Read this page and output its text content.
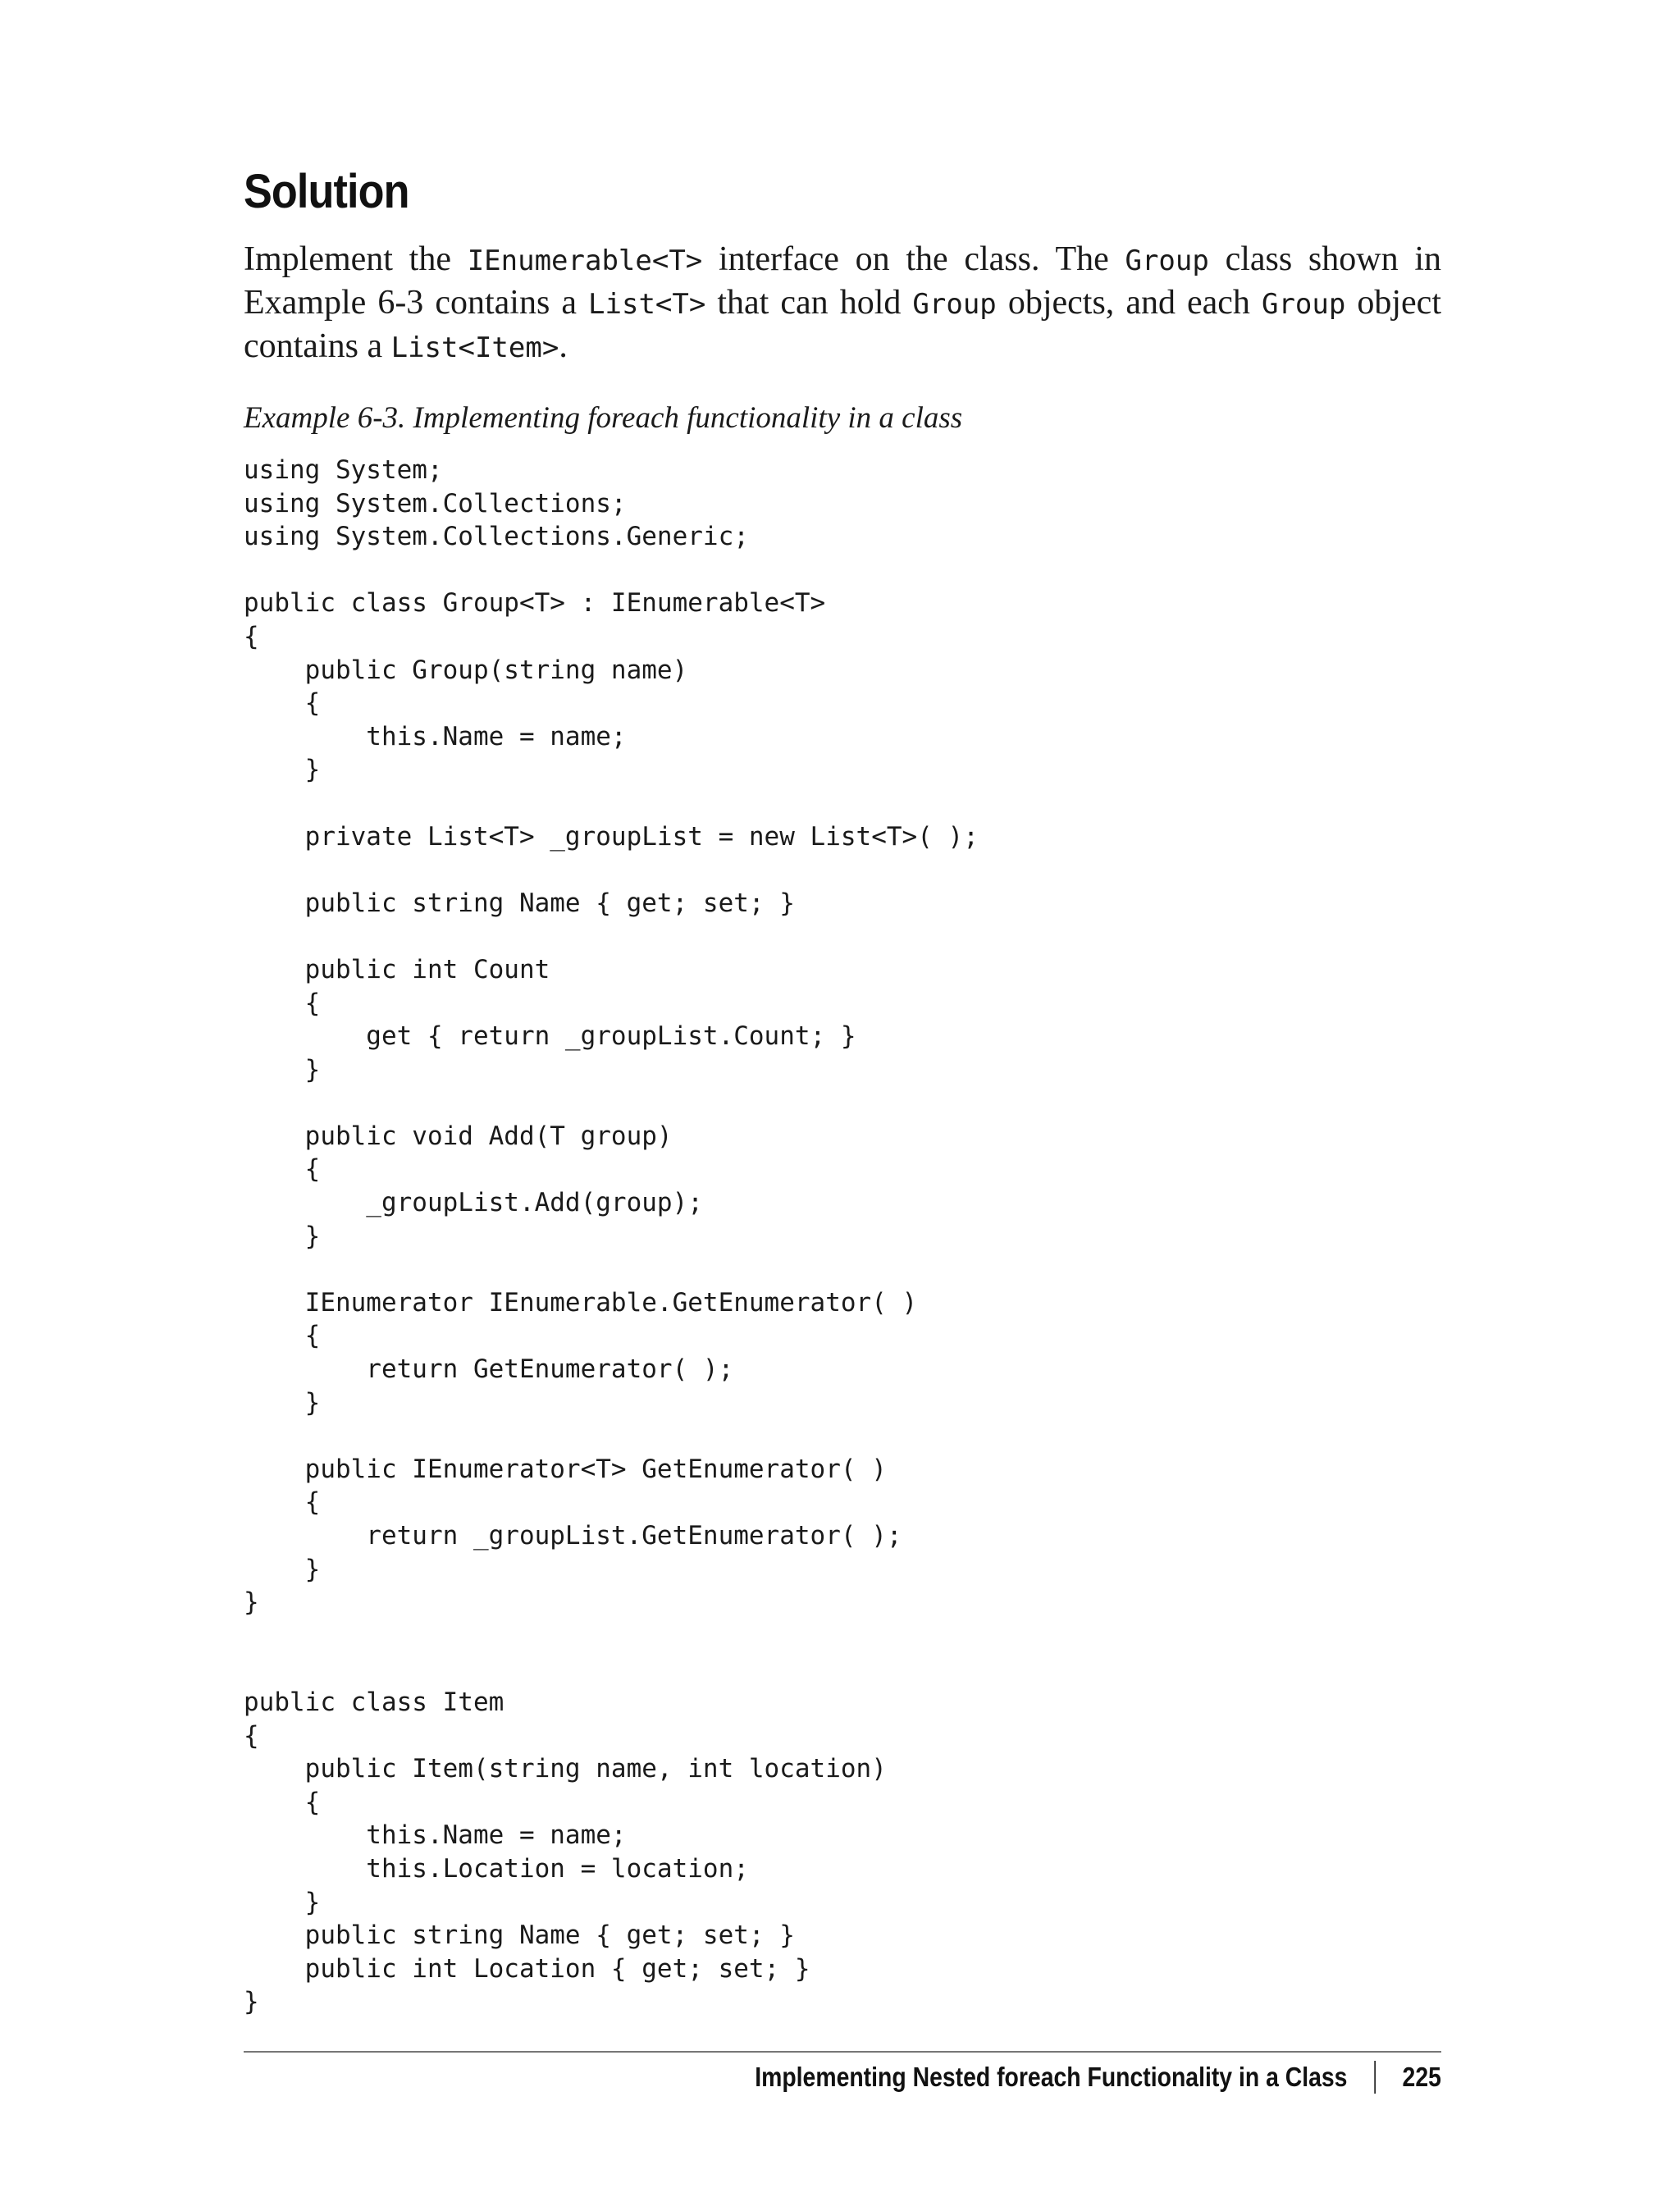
Solution

Implement the IEnumerable<T> interface on the class. The Group class shown in Example 6-3 contains a List<T> that can hold Group objects, and each Group object contains a List<Item>.

Example 6-3. Implementing foreach functionality in a class

using System;
using System.Collections;
using System.Collections.Generic;
public class Group<T> : IEnumerable<T>
{
public Group(string name)
{
this.Name = name;
}
private List<T> _groupList = new List<T>( );
public string Name { get; set; }
public int Count
{
get { return _groupList.Count; }
}
public void Add(T group)
{
_groupList.Add(group);
}
IEnumerator IEnumerable.GetEnumerator( )
{
return GetEnumerator( );
}
public IEnumerator<T> GetEnumerator( )
{
return _groupList.GetEnumerator( );
}
}
public class Item
{
public Item(string name, int location)
{
this.Name = name;
this.Location = location;
}
public string Name { get; set; }
public int Location { get; set; }
}
Implementing Nested foreach Functionality in a Class 225
